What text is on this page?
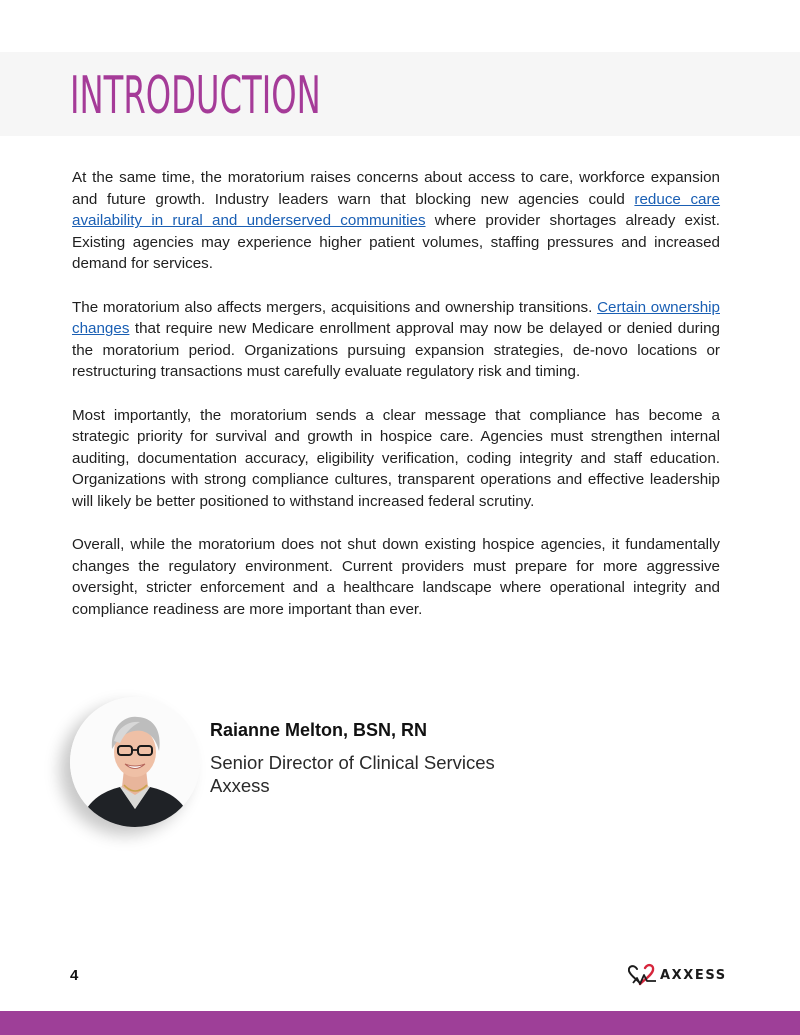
INTRODUCTION

At the same time, the moratorium raises concerns about access to care, workforce expansion and future growth. Industry leaders warn that blocking new agencies could reduce care availability in rural and underserved communities where provider shortages already exist. Existing agencies may experience higher patient volumes, staffing pressures and increased demand for services.

The moratorium also affects mergers, acquisitions and ownership transitions. Certain ownership changes that require new Medicare enrollment approval may now be delayed or denied during the moratorium period. Organizations pursuing expansion strategies, de-novo locations or restructuring transactions must carefully evaluate regulatory risk and timing.

Most importantly, the moratorium sends a clear message that compliance has become a strategic priority for survival and growth in hospice care. Agencies must strengthen internal auditing, documentation accuracy, eligibility verification, coding integrity and staff education. Organizations with strong compliance cultures, transparent operations and effective leadership will likely be better positioned to withstand increased federal scrutiny.

Overall, while the moratorium does not shut down existing hospice agencies, it fundamentally changes the regulatory environment. Current providers must prepare for more aggressive oversight, stricter enforcement and a healthcare landscape where operational integrity and compliance readiness are more important than ever.

Raianne Melton, BSN, RN
Senior Director of Clinical Services
Axxess
4	AXXESS
